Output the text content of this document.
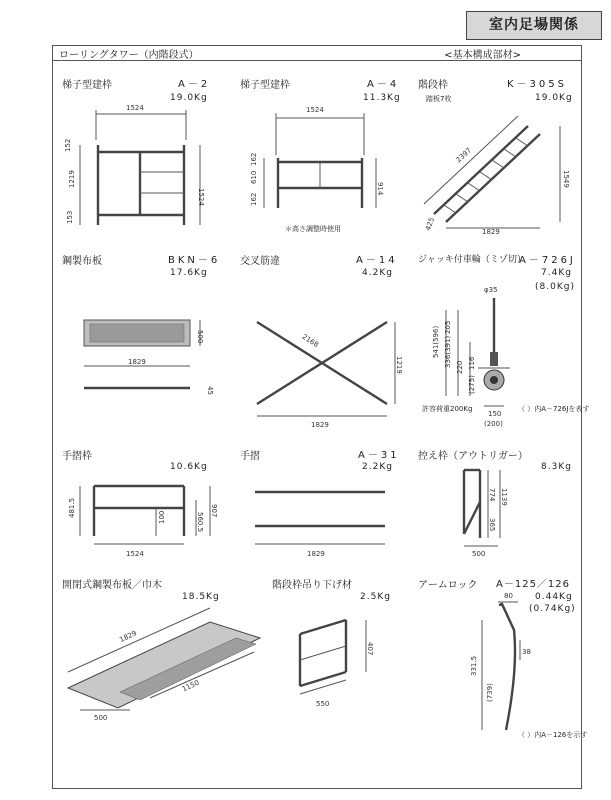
室内足場関係
ローリングタワー（内階段式）	<基本構成部材>
梯子型建枠	A－2
19.0Kg
1524
152
1219
153
1524
梯子型建枠	A－4
11.3Kg
1524
162
610
162
914
＊高さ調整時使用
階段枠	K－305S
踏板7枚	19.0Kg
2397
1549
1829
425
鋼製布板	BKN－6
17.6Kg
500
1829
45
交叉筋違	A－14
4.2Kg
2168
1219
1829
ジャッキ付車輪（ミゾ切）
A－726J
7.4Kg
(8.0Kg)
φ35
205
541(596) 336(391) 220 116
(275)
150
(200)
許容荷重200Kg	（ ）内A－726Jを表す
手摺枠
10.6Kg
481.5	100	560.5
907
1524
手摺	A－31
2.2Kg
1829
控え枠（アウトリガー）
8.3Kg
774 1139
365
500
開閉式鋼製布板／巾木
18.5Kg
1829
1150
500
階段枠吊り下げ材
2.5Kg
407
550
アームロック A－125／126
0.44Kg
(0.74Kg)
80
38
331.5
(739)
（ ）内A－126を示す
